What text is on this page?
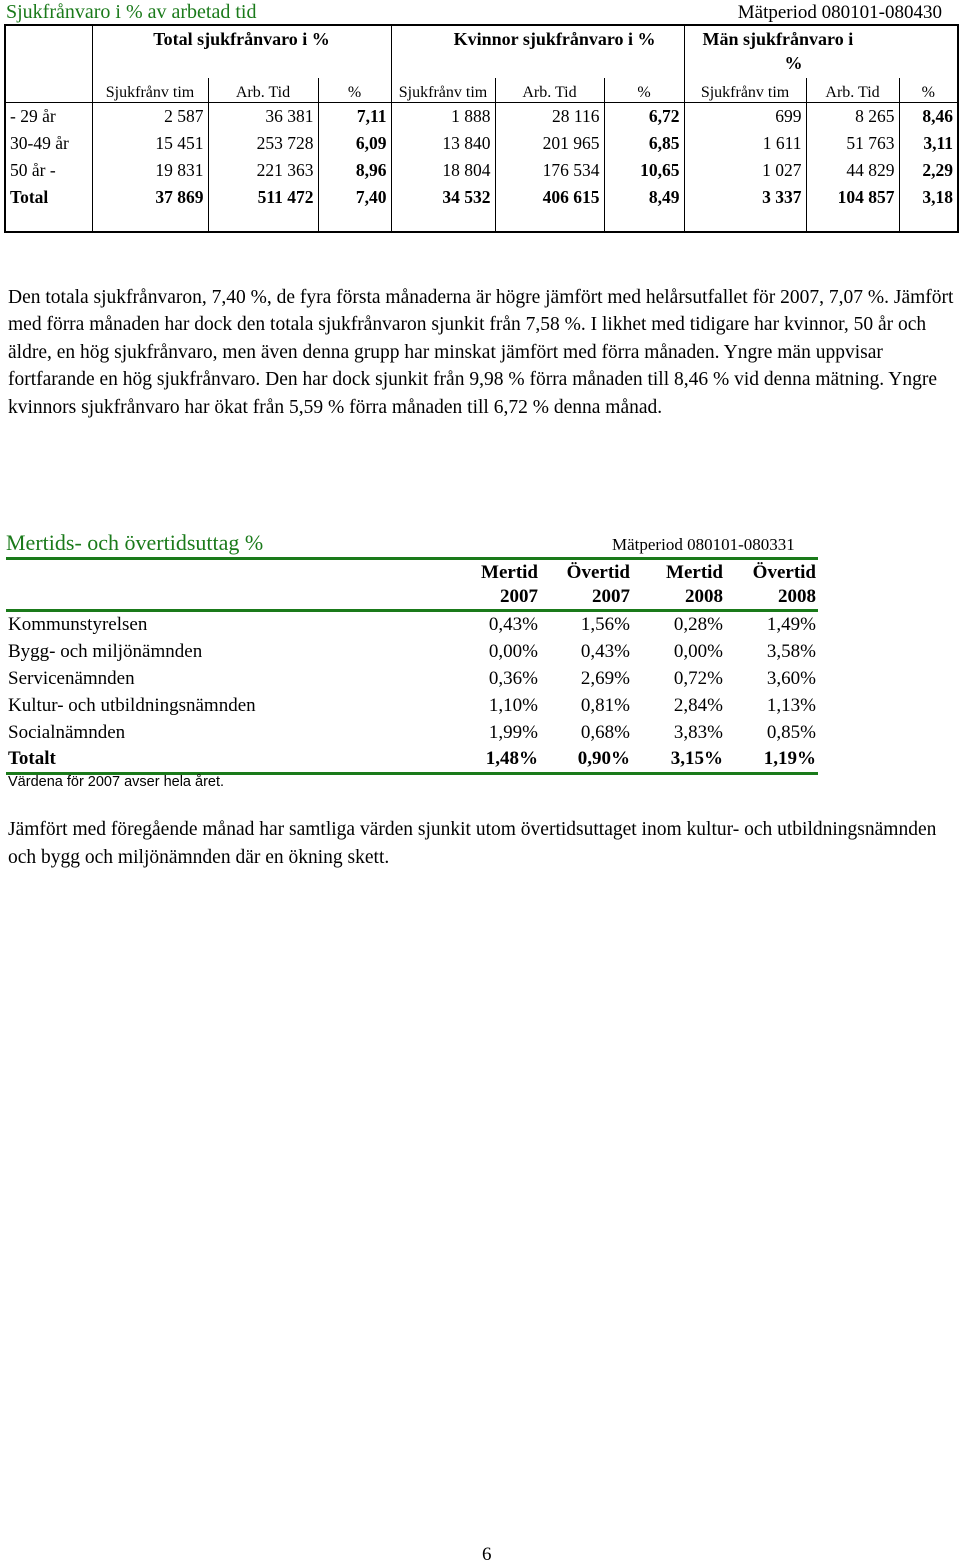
Sjukfrånvaro i % av arbetad tid	Mätperiod 080101-080430
	Total sjukfrånvaro i %			Kvinnor sjukfrånvaro i %			Män sjukfrånvaro i
%		
	Sjukfrånv tim	Arb. Tid	%	Sjukfrånv tim	Arb. Tid	%	Sjukfrånv tim	Arb. Tid	%
- 29 år	2 587	36 381	7,11	1 888	28 116	6,72	699	8 265	8,46
30-49 år	15 451	253 728	6,09	13 840	201 965	6,85	1 611	51 763	3,11
50 år -	19 831	221 363	8,96	18 804	176 534	10,65	1 027	44 829	2,29
Total	37 869	511 472	7,40	34 532	406 615	8,49	3 337	104 857	3,18

Den totala sjukfrånvaron, 7,40 %, de fyra första månaderna är högre jämfört med helårsutfallet för 2007, 7,07 %. Jämfört med förra månaden har dock den totala sjukfrånvaron sjunkit från 7,58 %. I likhet med tidigare har kvinnor, 50 år och äldre, en hög sjukfrånvaro, men även denna grupp har minskat jämfört med förra månaden. Yngre män uppvisar fortfarande en hög sjukfrånvaro. Den har dock sjunkit från 9,98 % förra månaden till 8,46 % vid denna mätning. Yngre kvinnors sjukfrånvaro har ökat från 5,59 % förra månaden till 6,72 % denna månad.
Mertids- och övertidsuttag %	Mätperiod 080101-080331
	Mertid	Övertid	Mertid	Övertid
	2007	2007	2008	2008
Kommunstyrelsen	0,43%	1,56%	0,28%	1,49%
Bygg- och miljönämnden	0,00%	0,43%	0,00%	3,58%
Servicenämnden	0,36%	2,69%	0,72%	3,60%
Kultur- och utbildningsnämnden	1,10%	0,81%	2,84%	1,13%
Socialnämnden	1,99%	0,68%	3,83%	0,85%
Totalt	1,48%	0,90%	3,15%	1,19%
Värdena för 2007 avser hela året.
Jämfört med föregående månad har samtliga värden sjunkit utom övertidsuttaget inom kultur- och utbildningsnämnden och bygg och miljönämnden där en ökning skett.
6
